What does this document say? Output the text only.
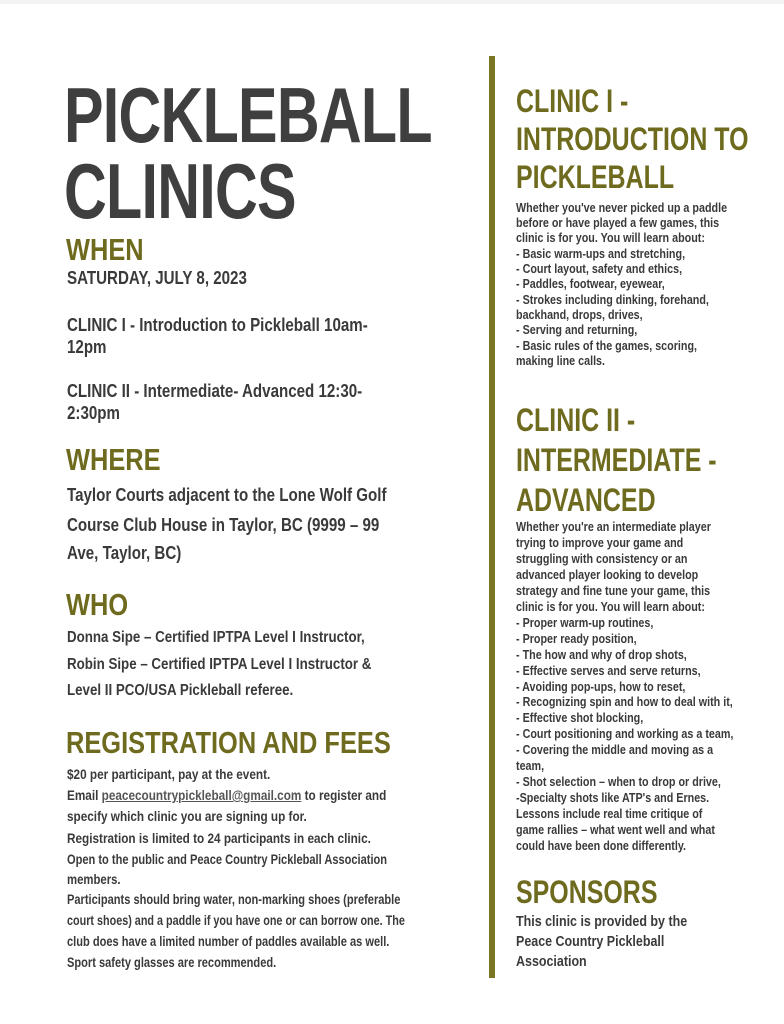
PICKLEBALL
CLINICS
WHEN
SATURDAY, JULY 8, 2023
CLINIC I - Introduction to Pickleball 10am-
12pm
CLINIC II - Intermediate- Advanced 12:30-
2:30pm
WHERE
Taylor Courts adjacent to the Lone Wolf Golf
Course Club House in Taylor, BC (9999 – 99
Ave, Taylor, BC)
WHO
Donna Sipe – Certified IPTPA Level I Instructor,
Robin Sipe – Certified IPTPA Level I Instructor &
Level II PCO/USA Pickleball referee.
REGISTRATION AND FEES
$20 per participant, pay at the event.
Email peacecountrypickleball@gmail.com to register and
specify which clinic you are signing up for.
Registration is limited to 24 participants in each clinic.
Open to the public and Peace Country Pickleball Association
members.
Participants should bring water, non-marking shoes (preferable
court shoes) and a paddle if you have one or can borrow one. The
club does have a limited number of paddles available as well.
Sport safety glasses are recommended.
CLINIC I -
INTRODUCTION TO
PICKLEBALL
Whether you've never picked up a paddle
before or have played a few games, this
clinic is for you. You will learn about:
- Basic warm-ups and stretching,
- Court layout, safety and ethics,
- Paddles, footwear, eyewear,
- Strokes including dinking, forehand,
backhand, drops, drives,
- Serving and returning,
- Basic rules of the games, scoring,
making line calls.
CLINIC II -
INTERMEDIATE -
ADVANCED
Whether you're an intermediate player
trying to improve your game and
struggling with consistency or an
advanced player looking to develop
strategy and fine tune your game, this
clinic is for you. You will learn about:
- Proper warm-up routines,
- Proper ready position,
- The how and why of drop shots,
- Effective serves and serve returns,
- Avoiding pop-ups, how to reset,
- Recognizing spin and how to deal with it,
- Effective shot blocking,
- Court positioning and working as a team,
- Covering the middle and moving as a
team,
- Shot selection – when to drop or drive,
-Specialty shots like ATP's and Ernes.
Lessons include real time critique of
game rallies – what went well and what
could have been done differently.
SPONSORS
This clinic is provided by the
Peace Country Pickleball
Association
